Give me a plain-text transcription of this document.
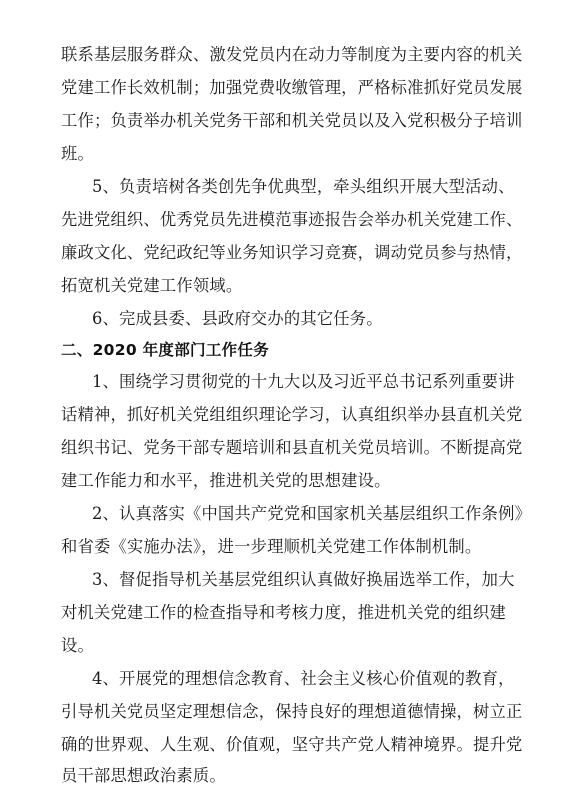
联系基层服务群众、激发党员内在动力等制度为主要内容的机关
党建工作长效机制；加强党费收缴管理，严格标准抓好党员发展
工作；负责举办机关党务干部和机关党员以及入党积极分子培训
班。
5、负责培树各类创先争优典型，牵头组织开展大型活动、
先进党组织、优秀党员先进模范事迹报告会举办机关党建工作、
廉政文化、党纪政纪等业务知识学习竞赛，调动党员参与热情，
拓宽机关党建工作领域。
6、完成县委、县政府交办的其它任务。
二、2020 年度部门工作任务
1、围绕学习贯彻党的十九大以及习近平总书记系列重要讲
话精神，抓好机关党组组织理论学习，认真组织举办县直机关党
组织书记、党务干部专题培训和县直机关党员培训。不断提高党
建工作能力和水平，推进机关党的思想建设。
2、认真落实《中国共产党党和国家机关基层组织工作条例》
和省委《实施办法》，进一步理顺机关党建工作体制机制。
3、督促指导机关基层党组织认真做好换届选举工作，加大
对机关党建工作的检查指导和考核力度，推进机关党的组织建
设。
4、开展党的理想信念教育、社会主义核心价值观的教育，
引导机关党员坚定理想信念，保持良好的理想道德情操，树立正
确的世界观、人生观、价值观，坚守共产党人精神境界。提升党
员干部思想政治素质。
